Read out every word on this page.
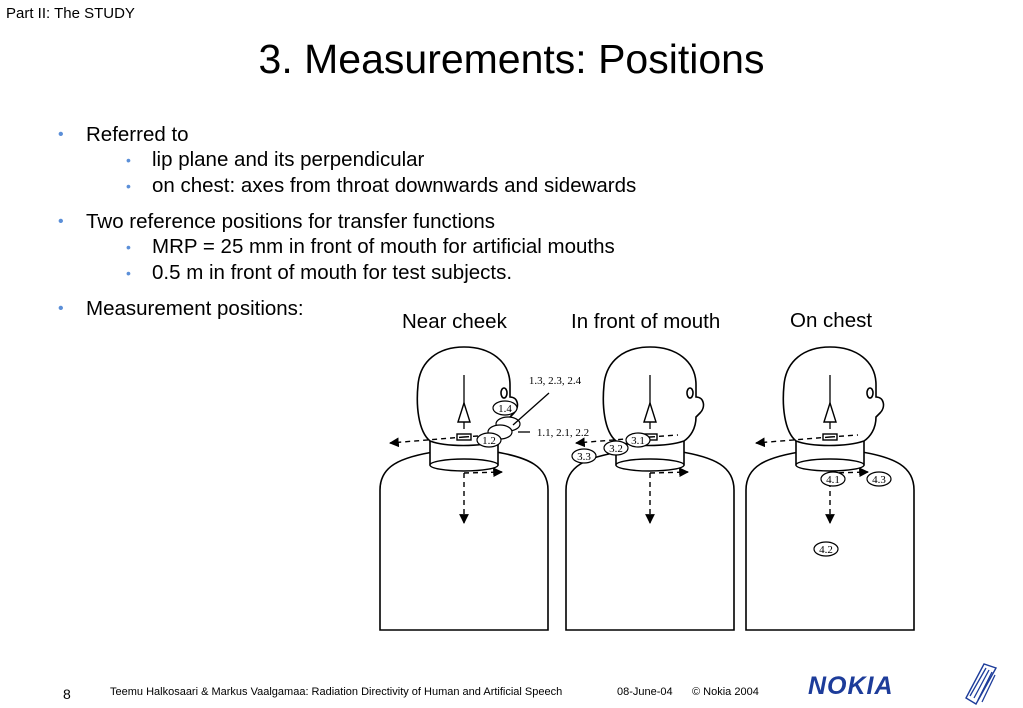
Part II: The STUDY
3. Measurements: Positions
• Referred to
• lip plane and its perpendicular
• on chest: axes from throat downwards and sidewards
• Two reference positions for transfer functions
• MRP = 25 mm in front of mouth for artificial mouths
• 0.5 m in front of mouth for test subjects.
• Measurement positions:
Near cheek	In front of mouth	On chest
1.3, 2.3, 2.4
1.1, 2.1, 2.2
1.4
1.2	3.1
3.2
3.3
4.1	4.3
4.2
8	Teemu Halkosaari & Markus Vaalgamaa: Radiation Directivity of Human and Artificial Speech	08-June-04 © Nokia 2004 NOKIA
